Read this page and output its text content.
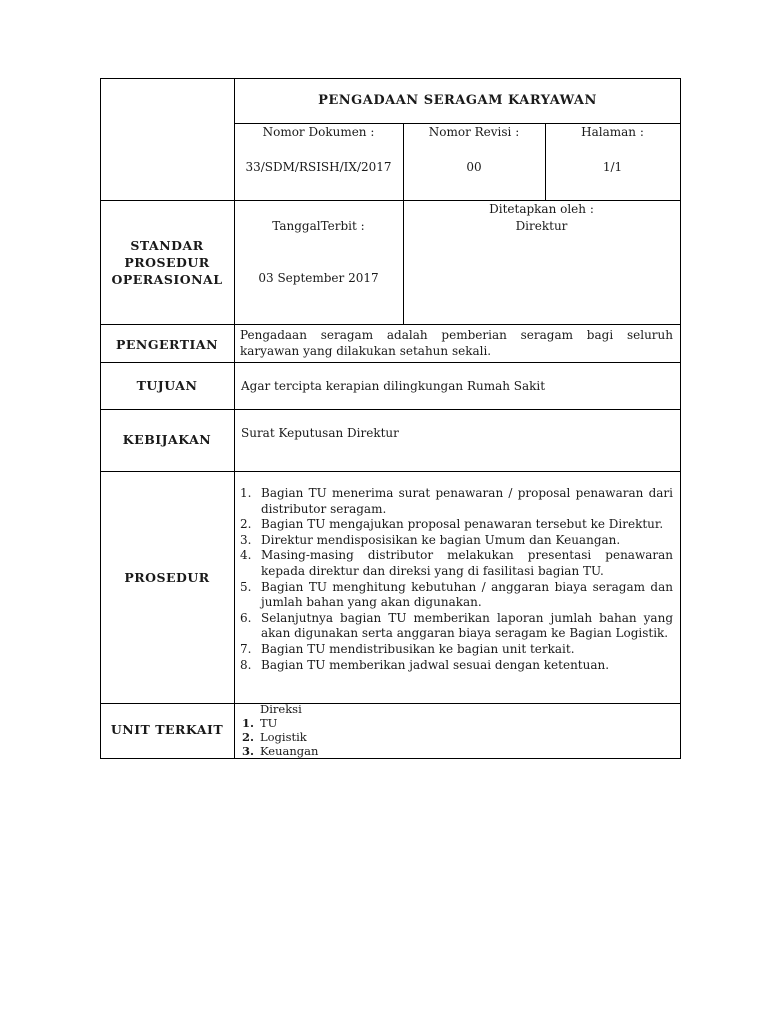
PENGADAAN SERAGAM KARYAWAN
Nomor Dokumen :
33/SDM/RSISH/IX/2017
Nomor Revisi :
00
Halaman :
1/1
STANDAR
PROSEDUR
OPERASIONAL
TanggalTerbit :
03 September 2017
Ditetapkan oleh :
Direktur
PENGERTIAN
Pengadaan seragam adalah pemberian seragam bagi seluruh karyawan yang dilakukan setahun sekali.
TUJUAN	Agar tercipta kerapian dilingkungan Rumah Sakit
KEBIJAKAN	Surat Keputusan Direktur
PROSEDUR
1. Bagian TU menerima surat penawaran / proposal penawaran dari distributor seragam.
2. Bagian TU mengajukan proposal penawaran tersebut ke Direktur.
3. Direktur mendisposisikan ke bagian Umum dan Keuangan.
4. Masing-masing distributor melakukan presentasi penawaran kepada direktur dan direksi yang di fasilitasi bagian TU.
5. Bagian TU menghitung kebutuhan / anggaran biaya seragam dan jumlah bahan yang akan digunakan.
6. Selanjutnya bagian TU memberikan laporan jumlah bahan yang akan digunakan serta anggaran biaya seragam ke Bagian Logistik.
7. Bagian TU mendistribusikan ke bagian unit terkait.
8. Bagian TU memberikan jadwal sesuai dengan ketentuan.
UNIT TERKAIT
Direksi
1. TU
2. Logistik
3. Keuangan
